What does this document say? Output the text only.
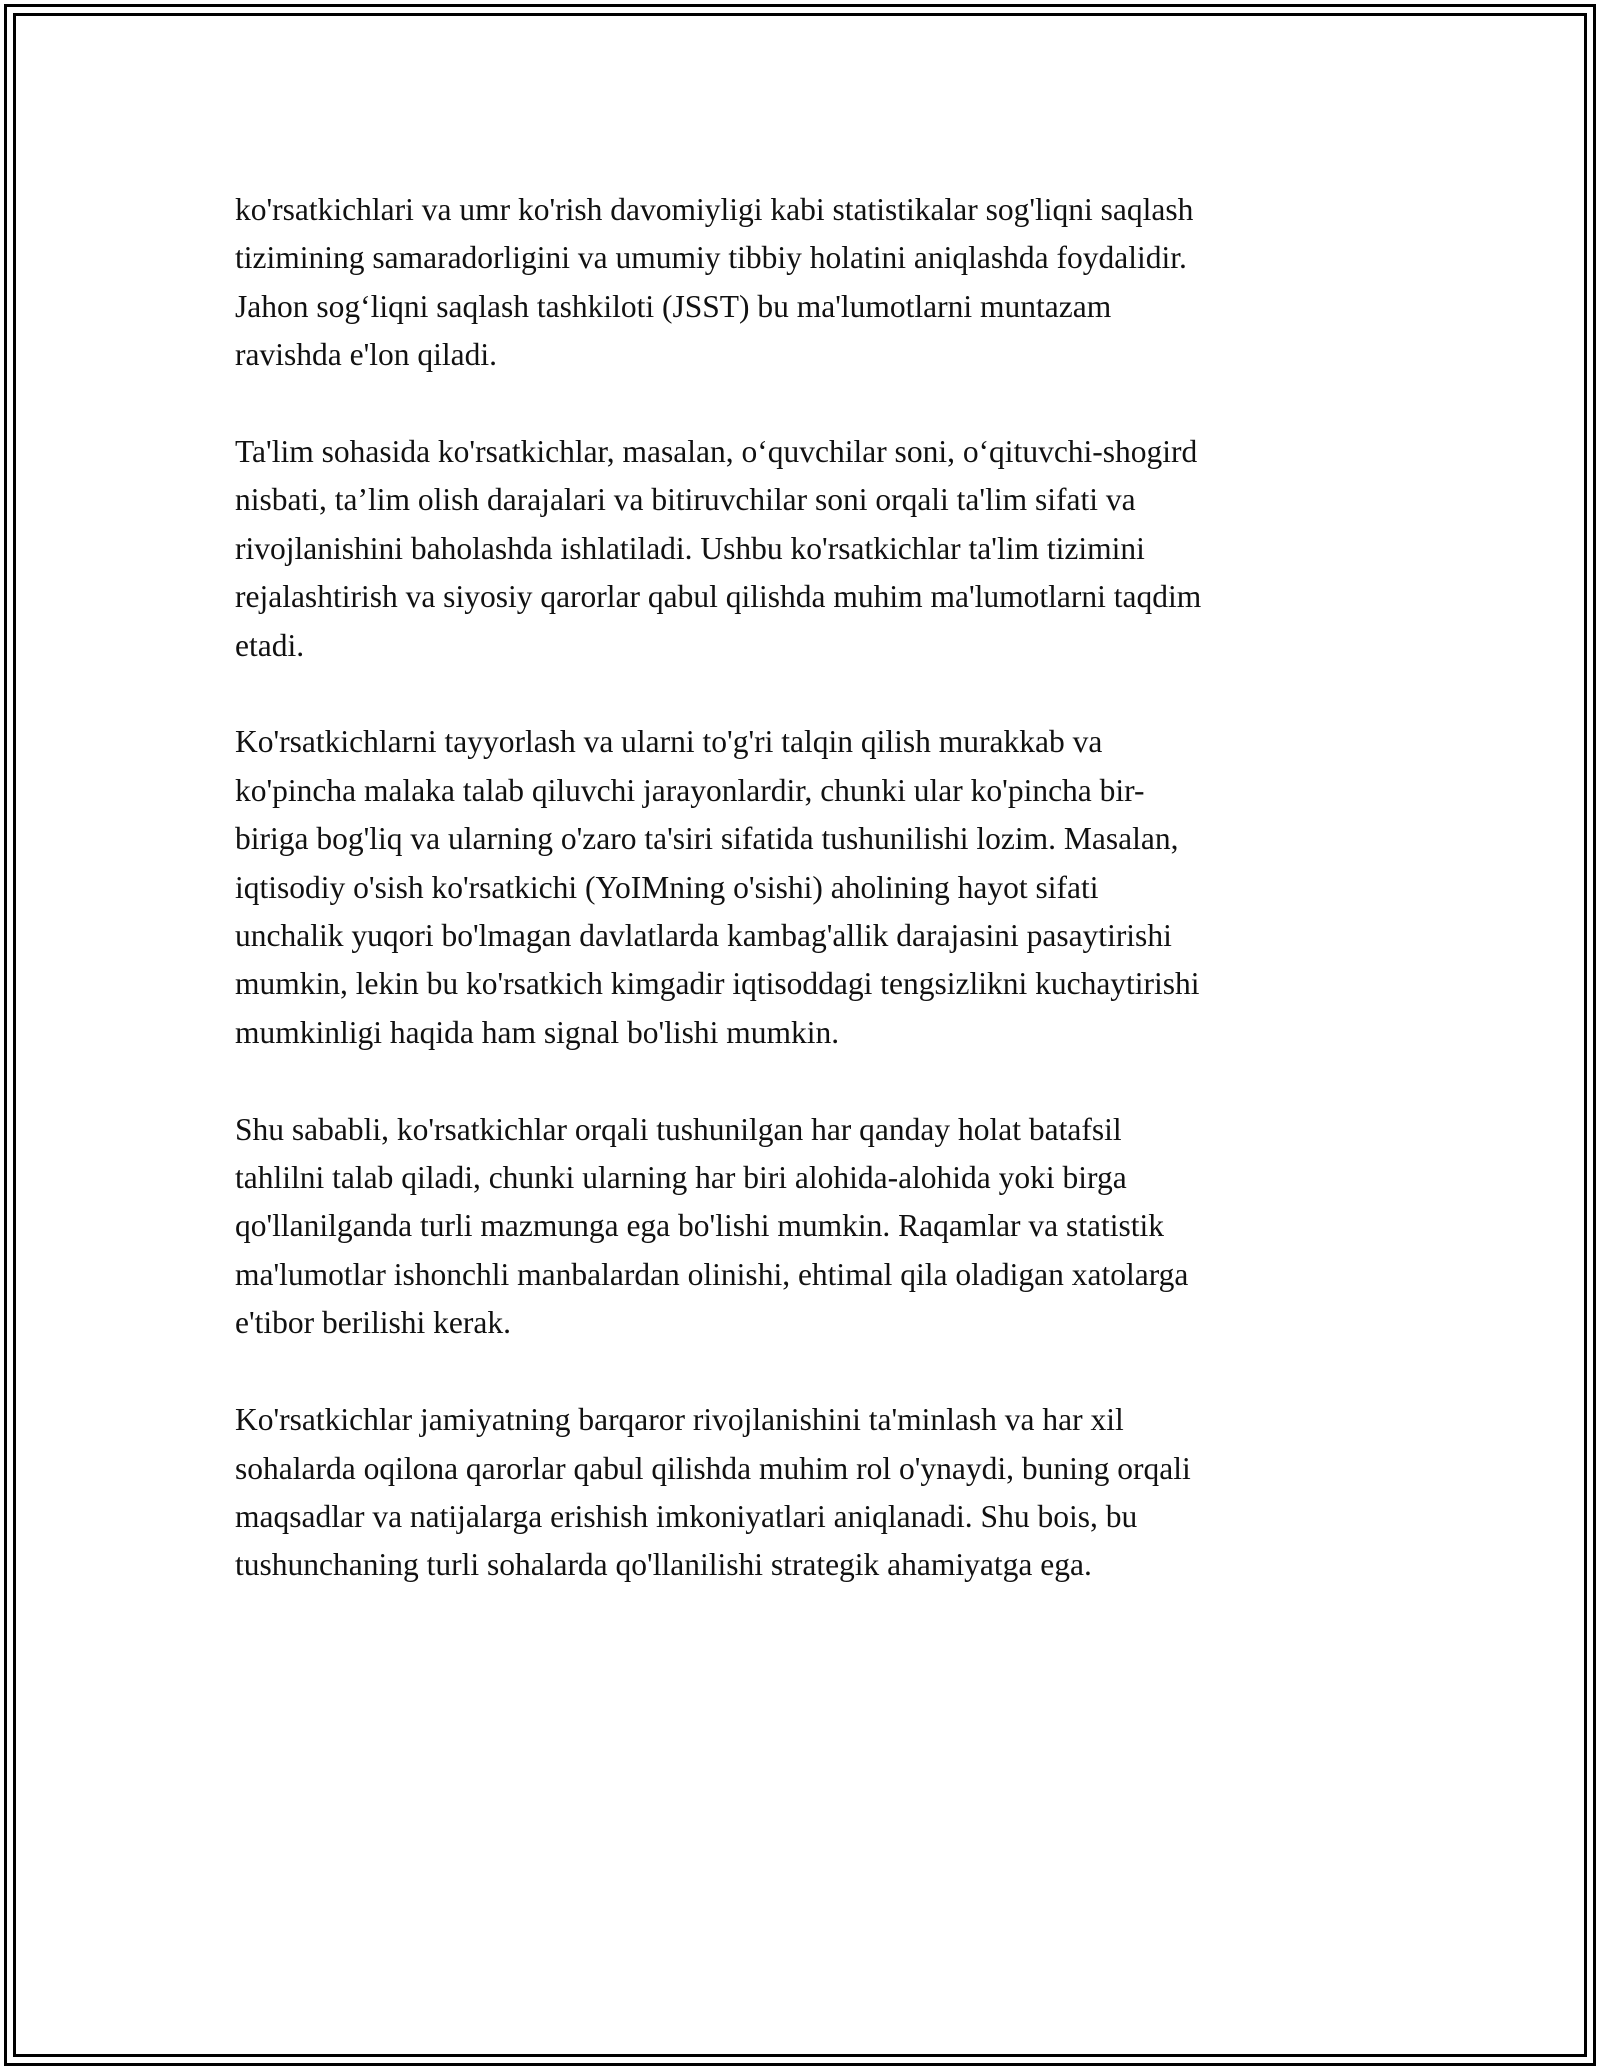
ko'rsatkichlari va umr ko'rish davomiyligi kabi statistikalar sog'liqni saqlash
tizimining samaradorligini va umumiy tibbiy holatini aniqlashda foydalidir.
Jahon sog‘liqni saqlash tashkiloti (JSST) bu ma'lumotlarni muntazam
ravishda e'lon qiladi.

Ta'lim sohasida ko'rsatkichlar, masalan, o‘quvchilar soni, o‘qituvchi-shogird
nisbati, ta’lim olish darajalari va bitiruvchilar soni orqali ta'lim sifati va
rivojlanishini baholashda ishlatiladi. Ushbu ko'rsatkichlar ta'lim tizimini
rejalashtirish va siyosiy qarorlar qabul qilishda muhim ma'lumotlarni taqdim
etadi.

Ko'rsatkichlarni tayyorlash va ularni to'g'ri talqin qilish murakkab va
ko'pincha malaka talab qiluvchi jarayonlardir, chunki ular ko'pincha bir-
biriga bog'liq va ularning o'zaro ta'siri sifatida tushunilishi lozim. Masalan,
iqtisodiy o'sish ko'rsatkichi (YoIMning o'sishi) aholining hayot sifati
unchalik yuqori bo'lmagan davlatlarda kambag'allik darajasini pasaytirishi
mumkin, lekin bu ko'rsatkich kimgadir iqtisoddagi tengsizlikni kuchaytirishi
mumkinligi haqida ham signal bo'lishi mumkin.

Shu sababli, ko'rsatkichlar orqali tushunilgan har qanday holat batafsil
tahlilni talab qiladi, chunki ularning har biri alohida-alohida yoki birga
qo'llanilganda turli mazmunga ega bo'lishi mumkin. Raqamlar va statistik
ma'lumotlar ishonchli manbalardan olinishi, ehtimal qila oladigan xatolarga
e'tibor berilishi kerak.

Ko'rsatkichlar jamiyatning barqaror rivojlanishini ta'minlash va har xil
sohalarda oqilona qarorlar qabul qilishda muhim rol o'ynaydi, buning orqali
maqsadlar va natijalarga erishish imkoniyatlari aniqlanadi. Shu bois, bu
tushunchaning turli sohalarda qo'llanilishi strategik ahamiyatga ega.
